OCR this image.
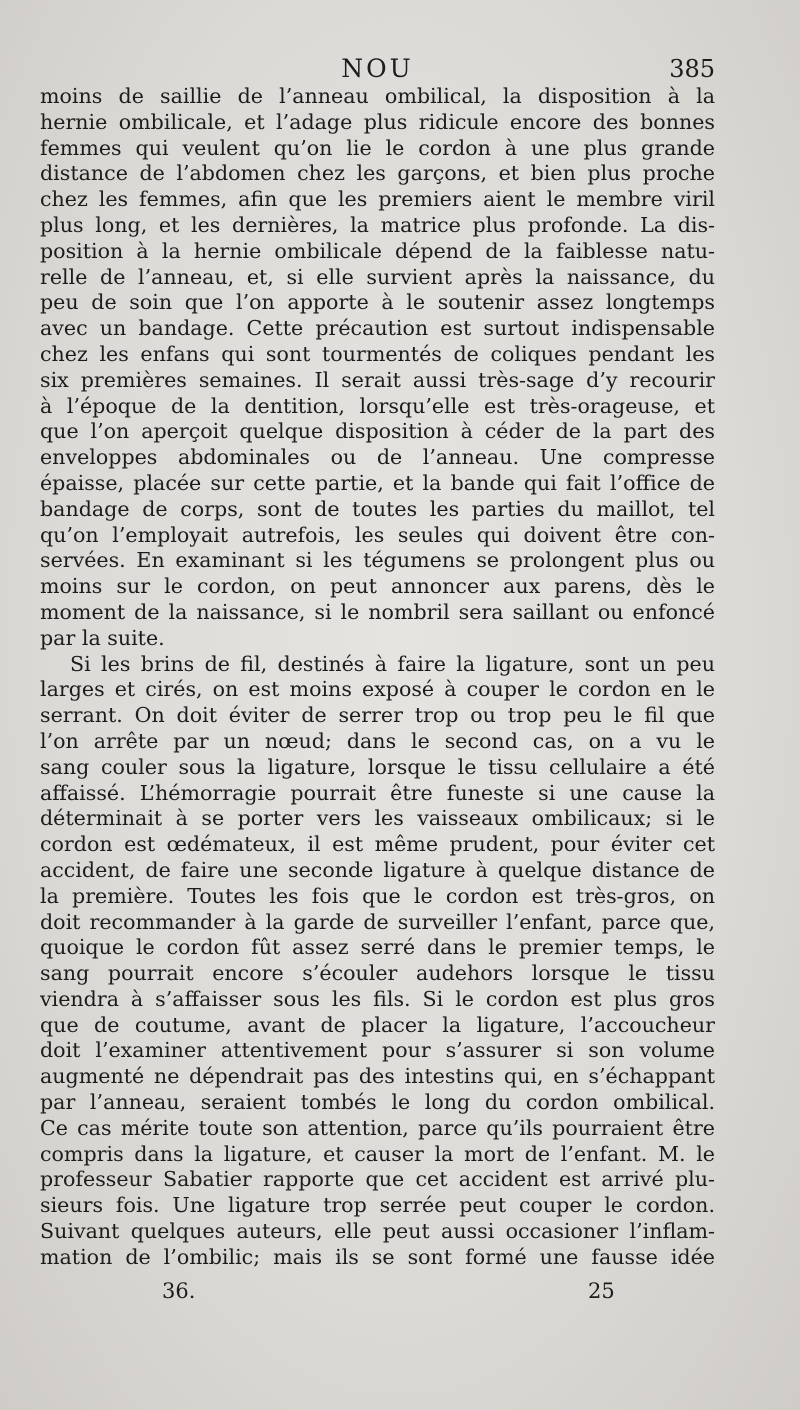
NOU	385
moins de saillie de l’anneau ombilical, la disposition à la
hernie ombilicale, et l’adage plus ridicule encore des bonnes
femmes qui veulent qu’on lie le cordon à une plus grande
distance de l’abdomen chez les garçons, et bien plus proche
chez les femmes, afin que les premiers aient le membre viril
plus long, et les dernières, la matrice plus profonde. La dis-
position à la hernie ombilicale dépend de la faiblesse natu-
relle de l’anneau, et, si elle survient après la naissance, du
peu de soin que l’on apporte à le soutenir assez longtemps
avec un bandage. Cette précaution est surtout indispensable
chez les enfans qui sont tourmentés de coliques pendant les
six premières semaines. Il serait aussi très-sage d’y recourir
à l’époque de la dentition, lorsqu’elle est très-orageuse, et
que l’on aperçoit quelque disposition à céder de la part des
enveloppes abdominales ou de l’anneau. Une compresse
épaisse, placée sur cette partie, et la bande qui fait l’office de
bandage de corps, sont de toutes les parties du maillot, tel
qu’on l’employait autrefois, les seules qui doivent être con-
servées. En examinant si les tégumens se prolongent plus ou
moins sur le cordon, on peut annoncer aux parens, dès le
moment de la naissance, si le nombril sera saillant ou enfoncé
par la suite.
Si les brins de fil, destinés à faire la ligature, sont un peu
larges et cirés, on est moins exposé à couper le cordon en le
serrant. On doit éviter de serrer trop ou trop peu le fil que
l’on arrête par un nœud; dans le second cas, on a vu le
sang couler sous la ligature, lorsque le tissu cellulaire a été
affaissé. L’hémorragie pourrait être funeste si une cause la
déterminait à se porter vers les vaisseaux ombilicaux; si le
cordon est œdémateux, il est même prudent, pour éviter cet
accident, de faire une seconde ligature à quelque distance de
la première. Toutes les fois que le cordon est très-gros, on
doit recommander à la garde de surveiller l’enfant, parce que,
quoique le cordon fût assez serré dans le premier temps, le
sang pourrait encore s’écouler audehors lorsque le tissu
viendra à s’affaisser sous les fils. Si le cordon est plus gros
que de coutume, avant de placer la ligature, l’accoucheur
doit l’examiner attentivement pour s’assurer si son volume
augmenté ne dépendrait pas des intestins qui, en s’échappant
par l’anneau, seraient tombés le long du cordon ombilical.
Ce cas mérite toute son attention, parce qu’ils pourraient être
compris dans la ligature, et causer la mort de l’enfant. M. le
professeur Sabatier rapporte que cet accident est arrivé plu-
sieurs fois. Une ligature trop serrée peut couper le cordon.
Suivant quelques auteurs, elle peut aussi occasioner l’inflam-
mation de l’ombilic; mais ils se sont formé une fausse idée
36.	25
